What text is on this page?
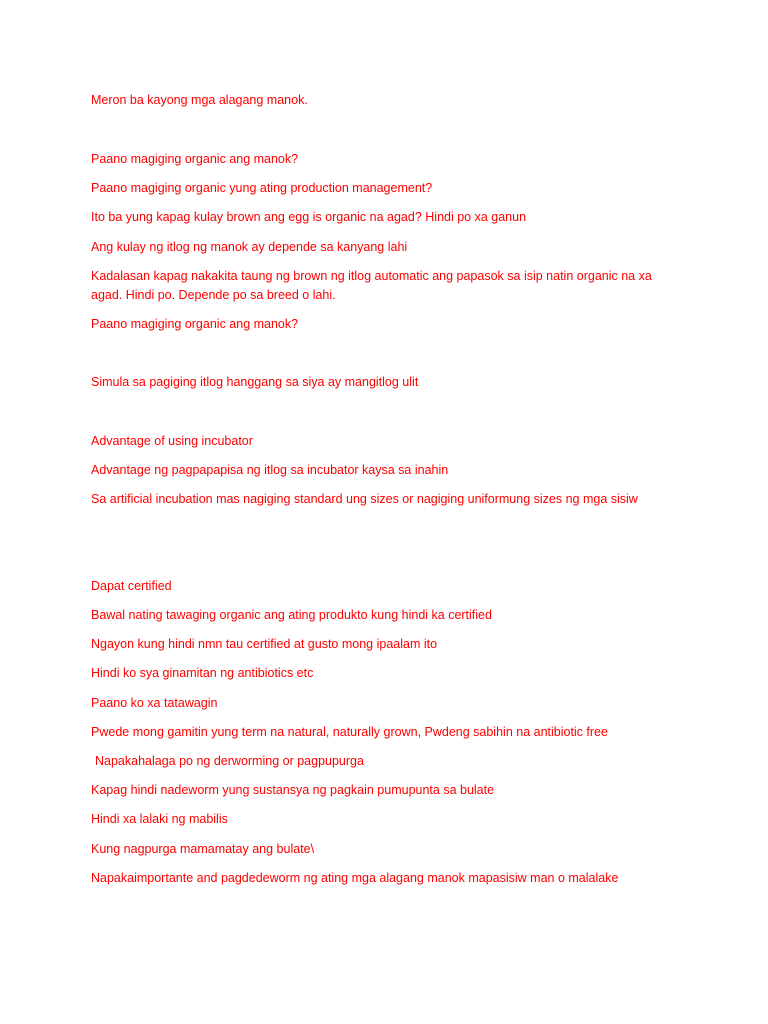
Meron ba kayong mga alagang manok.

Paano magiging organic ang manok?

Paano magiging organic yung ating production management?

Ito ba yung kapag kulay brown ang egg is organic na agad? Hindi po xa ganun

Ang kulay ng itlog ng manok ay depende sa kanyang lahi

Kadalasan kapag nakakita taung ng brown ng itlog automatic ang papasok sa isip natin organic na xa agad. Hindi po. Depende po sa breed o lahi.

Paano magiging organic ang manok?

Simula sa pagiging itlog hanggang sa siya ay mangitlog ulit

Advantage of using incubator

Advantage ng pagpapapisa ng itlog sa incubator kaysa sa inahin

Sa artificial incubation mas nagiging standard ung sizes or nagiging uniformung sizes ng mga sisiw

Dapat certified

Bawal nating tawaging organic ang ating produkto kung hindi ka certified

Ngayon kung hindi nmn tau certified at gusto mong ipaalam ito

Hindi ko sya ginamitan ng antibiotics etc

Paano ko xa tatawagin

Pwede mong gamitin yung term na natural, naturally grown, Pwdeng sabihin na antibiotic free

Napakahalaga po ng derworming or pagpupurga

Kapag hindi nadeworm yung sustansya ng pagkain pumupunta sa bulate

Hindi xa lalaki ng mabilis

Kung nagpurga mamamatay ang bulate\

Napakaimportante and pagdedeworm ng ating mga alagang manok mapasisiw man o malalake
